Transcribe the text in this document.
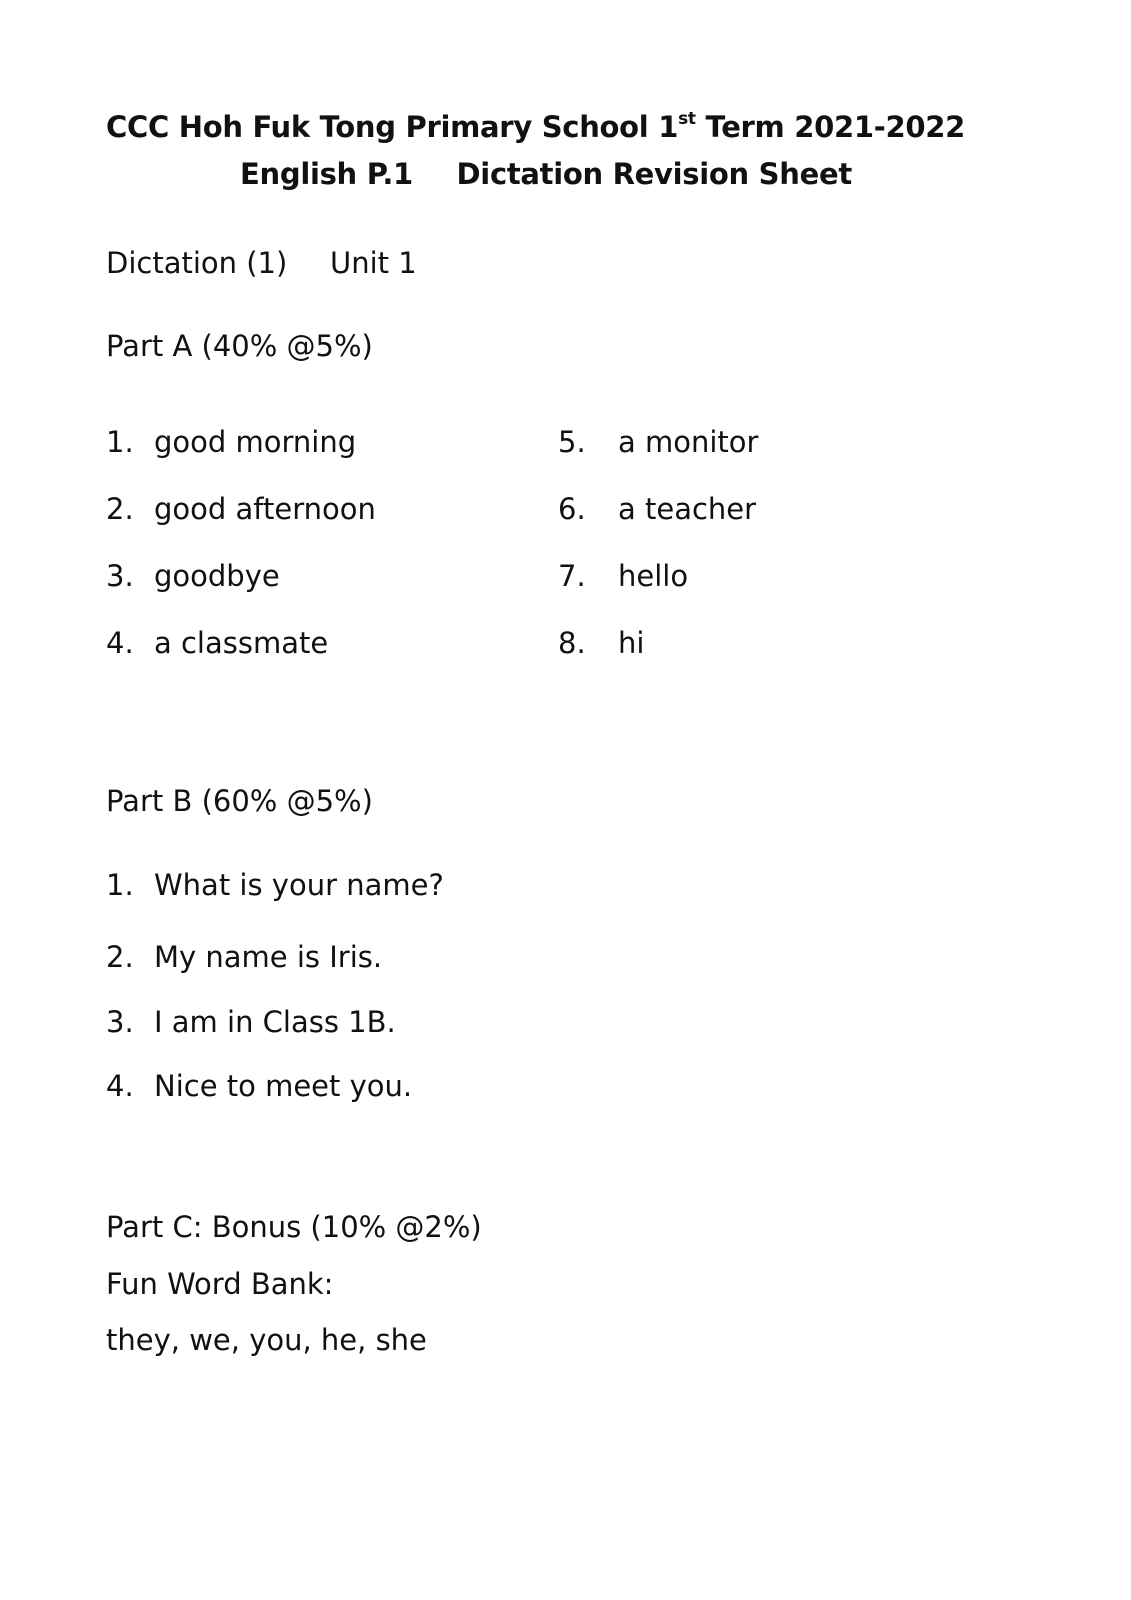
CCC Hoh Fuk Tong Primary School 1st Term 2021-2022
English P.1 Dictation Revision Sheet
Dictation (1) Unit 1
Part A (40% @5%)
1. good morning
2. good afternoon
3. goodbye
4. a classmate
5. a monitor
6. a teacher
7. hello
8. hi
Part B (60% @5%)
1. What is your name?
2. My name is Iris.
3. I am in Class 1B.
4. Nice to meet you.
Part C: Bonus (10% @2%)
Fun Word Bank:
they, we, you, he, she
